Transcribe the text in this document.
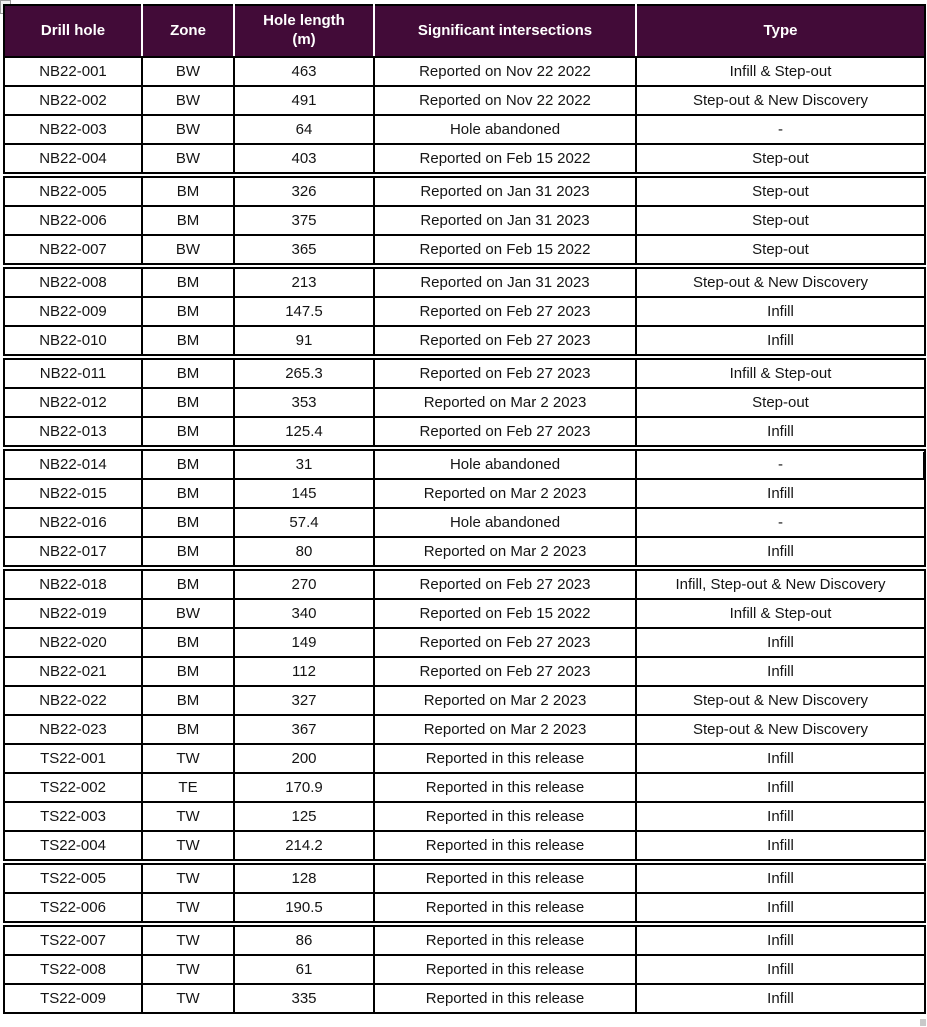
Drill hole	Zone	Hole length (m)	Significant intersections	Type
NB22-001	BW	463	Reported on Nov 22 2022	Infill & Step-out
NB22-002	BW	491	Reported on Nov 22 2022	Step-out & New Discovery
NB22-003	BW	64	Hole abandoned	-
NB22-004	BW	403	Reported on Feb 15 2022	Step-out
NB22-005	BM	326	Reported on Jan 31 2023	Step-out
NB22-006	BM	375	Reported on Jan 31 2023	Step-out
NB22-007	BW	365	Reported on Feb 15 2022	Step-out
NB22-008	BM	213	Reported on Jan 31 2023	Step-out & New Discovery
NB22-009	BM	147.5	Reported on Feb 27 2023	Infill
NB22-010	BM	91	Reported on Feb 27 2023	Infill
NB22-011	BM	265.3	Reported on Feb 27 2023	Infill & Step-out
NB22-012	BM	353	Reported on Mar 2 2023	Step-out
NB22-013	BM	125.4	Reported on Feb 27 2023	Infill
NB22-014	BM	31	Hole abandoned	-
NB22-015	BM	145	Reported on Mar 2 2023	Infill
NB22-016	BM	57.4	Hole abandoned	-
NB22-017	BM	80	Reported on Mar 2 2023	Infill
NB22-018	BM	270	Reported on Feb 27 2023	Infill, Step-out & New Discovery
NB22-019	BW	340	Reported on Feb 15 2022	Infill & Step-out
NB22-020	BM	149	Reported on Feb 27 2023	Infill
NB22-021	BM	112	Reported on Feb 27 2023	Infill
NB22-022	BM	327	Reported on Mar 2 2023	Step-out & New Discovery
NB22-023	BM	367	Reported on Mar 2 2023	Step-out & New Discovery
TS22-001	TW	200	Reported in this release	Infill
TS22-002	TE	170.9	Reported in this release	Infill
TS22-003	TW	125	Reported in this release	Infill
TS22-004	TW	214.2	Reported in this release	Infill
TS22-005	TW	128	Reported in this release	Infill
TS22-006	TW	190.5	Reported in this release	Infill
TS22-007	TW	86	Reported in this release	Infill
TS22-008	TW	61	Reported in this release	Infill
TS22-009	TW	335	Reported in this release	Infill
